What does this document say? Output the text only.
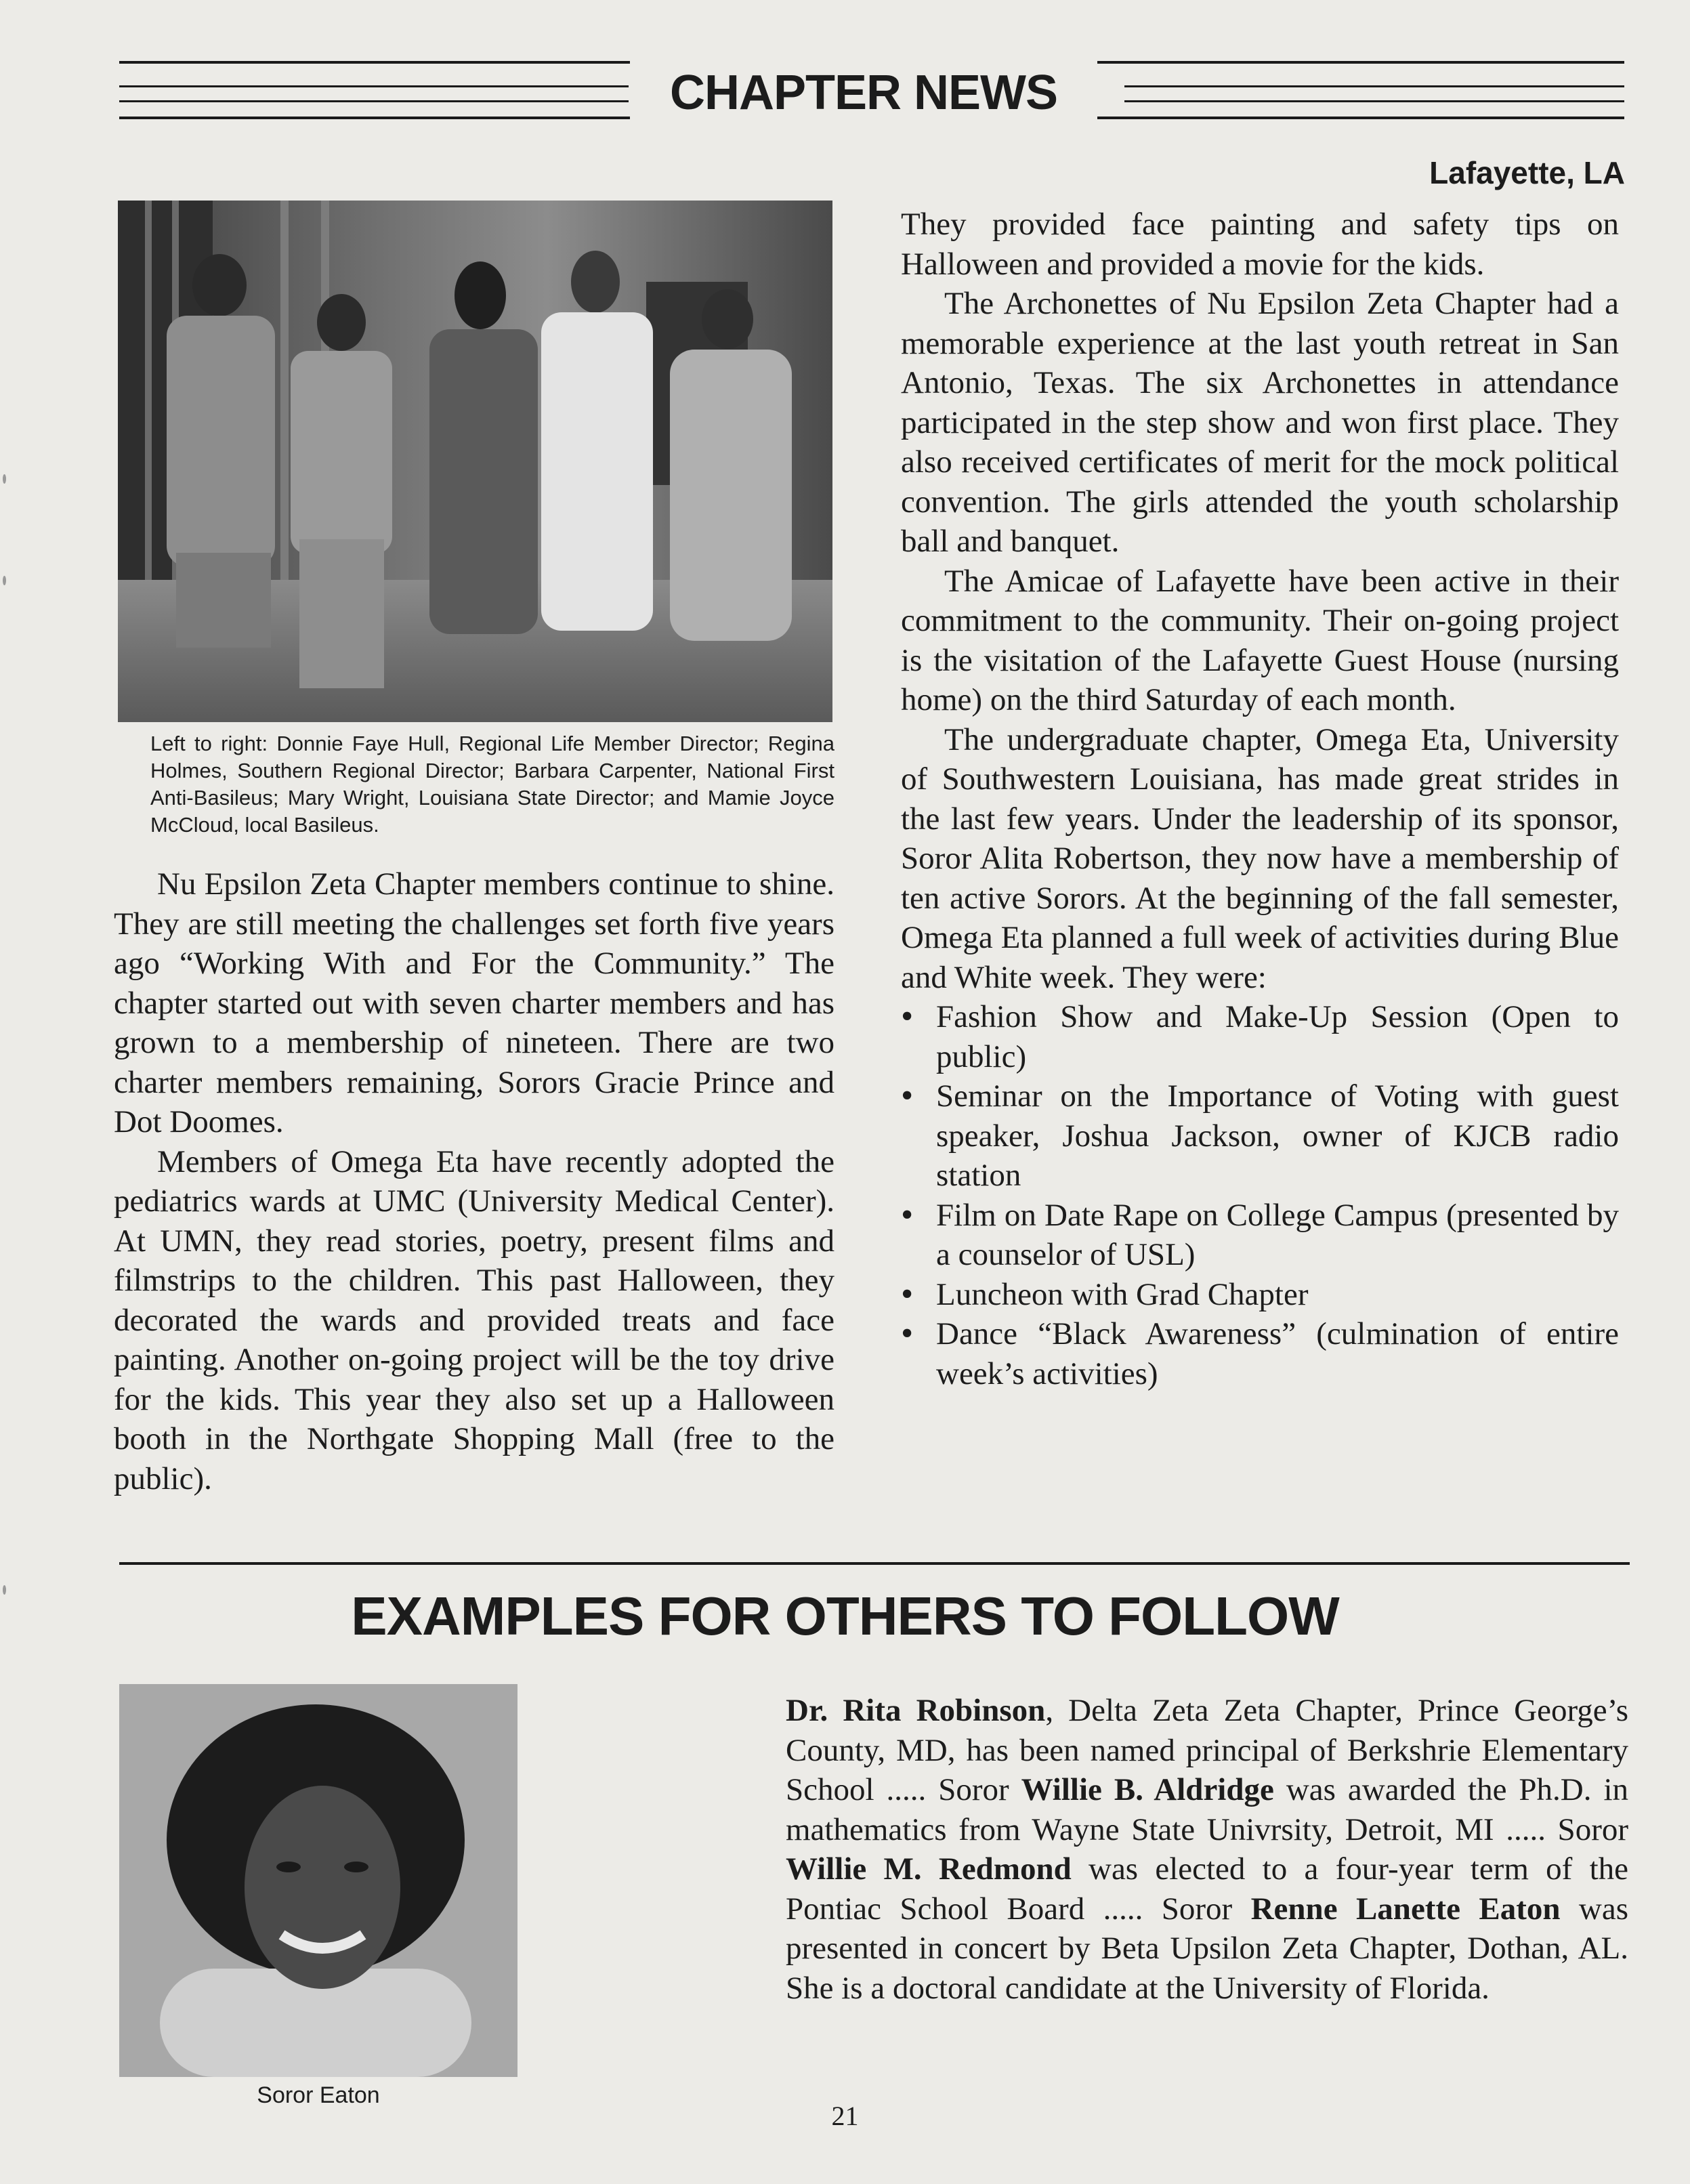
CHAPTER NEWS
Lafayette, LA
Left to right: Donnie Faye Hull, Regional Life Member Director; Regina Holmes, Southern Regional Director; Barbara Carpenter, National First Anti-Basileus; Mary Wright, Louisiana State Director; and Mamie Joyce McCloud, local Basileus.

Nu Epsilon Zeta Chapter members continue to shine. They are still meeting the challenges set forth five years ago “Working With and For the Community.” The chapter started out with seven charter members and has grown to a membership of nineteen. There are two charter members remaining, Sorors Gracie Prince and Dot Doomes.

Members of Omega Eta have recently adopted the pediatrics wards at UMC (University Medical Center). At UMN, they read stories, poetry, present films and filmstrips to the children. This past Halloween, they decorated the wards and provided treats and face painting. Another on-going project will be the toy drive for the kids. This year they also set up a Halloween booth in the Northgate Shopping Mall (free to the public).

They provided face painting and safety tips on Halloween and provided a movie for the kids.

The Archonettes of Nu Epsilon Zeta Chapter had a memorable experience at the last youth retreat in San Antonio, Texas. The six Archonettes in attendance participated in the step show and won first place. They also received certificates of merit for the mock political convention. The girls attended the youth scholarship ball and banquet.

The Amicae of Lafayette have been active in their commitment to the community. Their on-going project is the visitation of the Lafayette Guest House (nursing home) on the third Saturday of each month.

The undergraduate chapter, Omega Eta, University of Southwestern Louisiana, has made great strides in the last few years. Under the leadership of its sponsor, Soror Alita Robertson, they now have a membership of ten active Sorors. At the beginning of the fall semester, Omega Eta planned a full week of activities during Blue and White week. They were:

• Fashion Show and Make-Up Session (Open to public)
• Seminar on the Importance of Voting with guest speaker, Joshua Jackson, owner of KJCB radio station
• Film on Date Rape on College Campus (presented by a counselor of USL)
• Luncheon with Grad Chapter
• Dance “Black Awareness” (culmination of entire week’s activities)
EXAMPLES FOR OTHERS TO FOLLOW
Soror Eaton

Dr. Rita Robinson, Delta Zeta Zeta Chapter, Prince George’s County, MD, has been named principal of Berkshrie Elementary School ..... Soror Willie B. Aldridge was awarded the Ph.D. in mathematics from Wayne State Univrsity, Detroit, MI ..... Soror Willie M. Redmond was elected to a four-year term of the Pontiac School Board ..... Soror Renne Lanette Eaton was presented in concert by Beta Upsilon Zeta Chapter, Dothan, AL. She is a doctoral candidate at the University of Florida.

21
